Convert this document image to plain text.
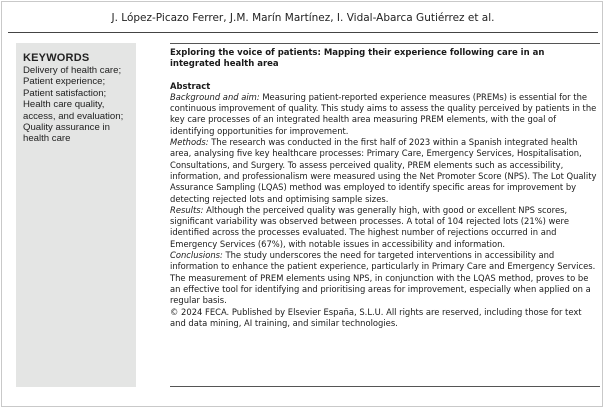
J. López-Picazo Ferrer, J.M. Marín Martínez, I. Vidal-Abarca Gutiérrez et al.
KEYWORDS
Delivery of health care;
Patient experience;
Patient satisfaction;
Health care quality, access, and evaluation;
Quality assurance in health care
Exploring the voice of patients: Mapping their experience following care in an integrated health area
Abstract

Background and aim: Measuring patient-reported experience measures (PREMs) is essential for the continuous improvement of quality. This study aims to assess the quality perceived by patients in the key care processes of an integrated health area measuring PREM elements, with the goal of identifying opportunities for improvement.

Methods: The research was conducted in the first half of 2023 within a Spanish integrated health area, analysing five key healthcare processes: Primary Care, Emergency Services, Hospitalisation, Consultations, and Surgery. To assess perceived quality, PREM elements such as accessibility, information, and professionalism were measured using the Net Promoter Score (NPS). The Lot Quality Assurance Sampling (LQAS) method was employed to identify specific areas for improvement by detecting rejected lots and optimising sample sizes.

Results: Although the perceived quality was generally high, with good or excellent NPS scores, significant variability was observed between processes. A total of 104 rejected lots (21%) were identified across the processes evaluated. The highest number of rejections occurred in and Emergency Services (67%), with notable issues in accessibility and information.

Conclusions: The study underscores the need for targeted interventions in accessibility and information to enhance the patient experience, particularly in Primary Care and Emergency Services. The measurement of PREM elements using NPS, in conjunction with the LQAS method, proves to be an effective tool for identifying and prioritising areas for improvement, especially when applied on a regular basis.

© 2024 FECA. Published by Elsevier España, S.L.U. All rights are reserved, including those for text and data mining, AI training, and similar technologies.
